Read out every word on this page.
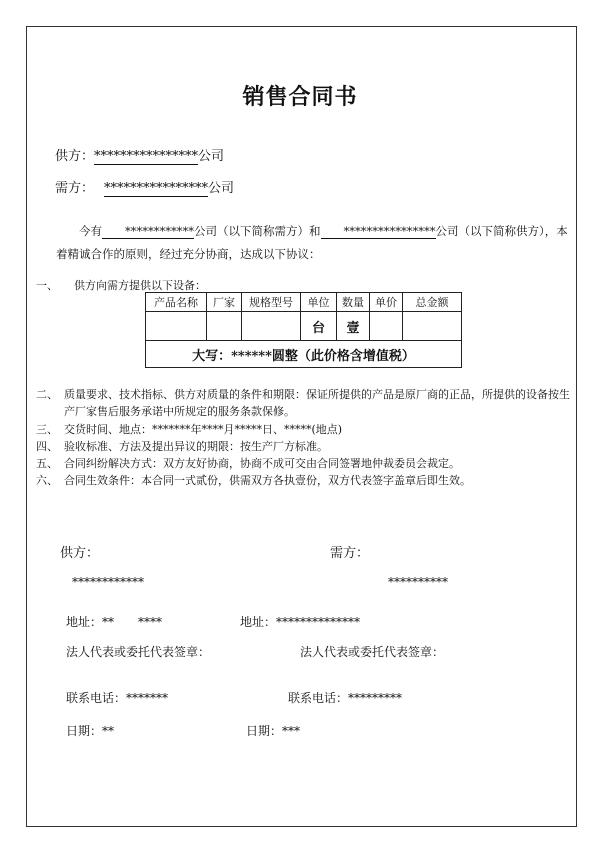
销售合同书
供方：****************公司
需方： ****************公司
今有 ************公司（以下简称需方）和 ****************公司（以下简称供方），本着精诚合作的原则，经过充分协商，达成以下协议：
一、 供方向需方提供以下设备：
产品名称	厂家	规格型号	单位	数量	单价	总金额
			台	壹		
大写：******圆整（此价格含增值税）						
二、 质量要求、技术指标、供方对质量的条件和期限：保证所提供的产品是原厂商的正品，所提供的设备按生产厂家售后服务承诺中所规定的服务条款保修。
三、 交货时间、地点：*******年****月*****日、*****(地点)
四、 验收标准、方法及提出异议的期限：按生产厂方标准。
五、 合同纠纷解决方式：双方友好协商，协商不成可交由合同签署地仲裁委员会裁定。
六、 合同生效条件：本合同一式贰份，供需双方各执壹份，双方代表签字盖章后即生效。
供方：
************
地址：**　　****
法人代表或委托代表签章：
联系电话：*******
日期：**
需方：
**********
地址：**************
法人代表或委托代表签章：
联系电话：*********
日期：***
